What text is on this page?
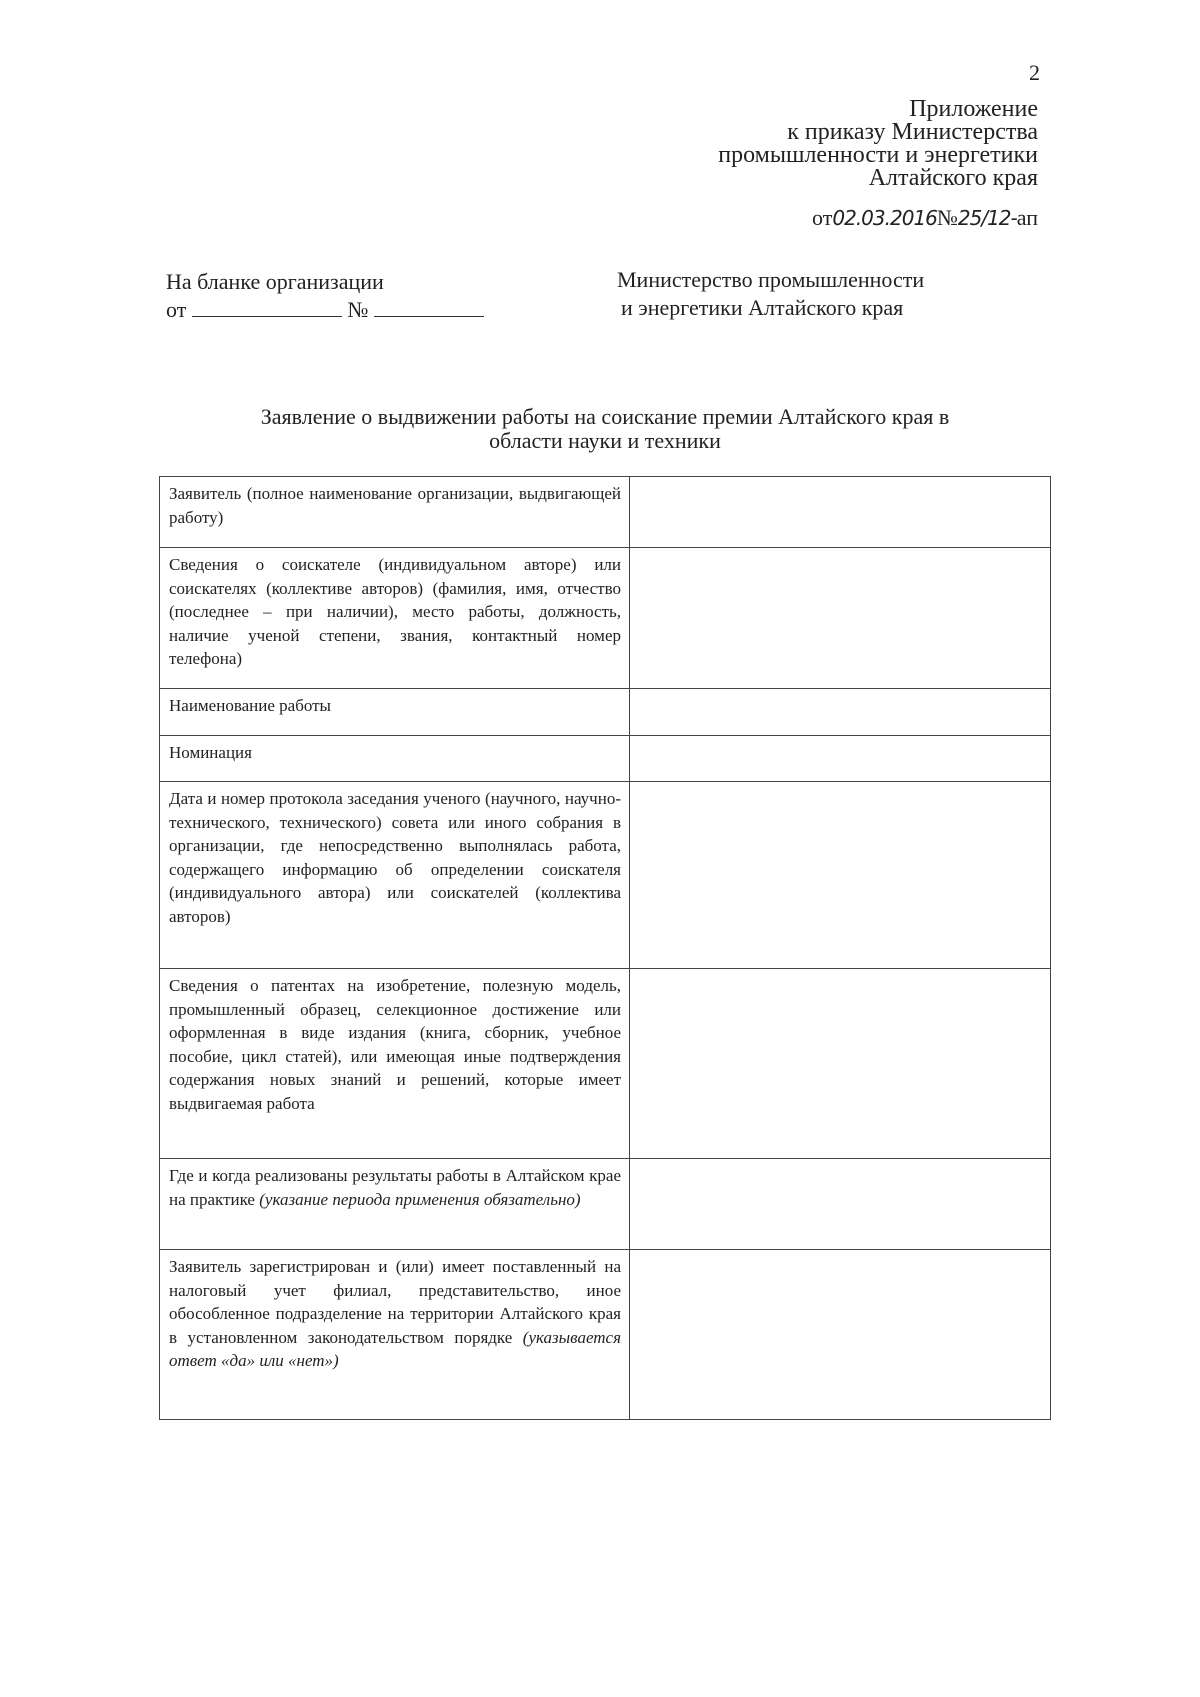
2
Приложение
к приказу Министерства
промышленности и энергетики
Алтайского края
от02.03.2016№25/12-ап
На бланке организации
от	№
Министерство промышленности
и энергетики Алтайского края
Заявление о выдвижении работы на соискание премии Алтайского края в
области науки и техники
Заявитель (полное наименование организации, выдвигающей работу)	
Сведения о соискателе (индивидуальном авторе) или соискателях (коллективе авторов) (фамилия, имя, отчество (последнее – при наличии), место работы, должность, наличие ученой степени, звания, контактный номер телефона)	
Наименование работы	
Номинация	
Дата и номер протокола заседания ученого (научного, научно-технического, технического) совета или иного собрания в организации, где непосредственно выполнялась работа, содержащего информацию об определении соискателя (индивидуального автора) или соискателей (коллектива авторов)	
Сведения о патентах на изобретение, полезную модель, промышленный образец, селекционное достижение или оформленная в виде издания (книга, сборник, учебное пособие, цикл статей), или имеющая иные подтверждения содержания новых знаний и решений, которые имеет выдвигаемая работа	
Где и когда реализованы результаты работы в Алтайском крае на практике (указание периода применения обязательно)	
Заявитель зарегистрирован и (или) имеет поставленный на налоговый учет филиал, представительство, иное обособленное подразделение на территории Алтайского края в установленном законодательством порядке (указывается ответ «да» или «нет»)	
